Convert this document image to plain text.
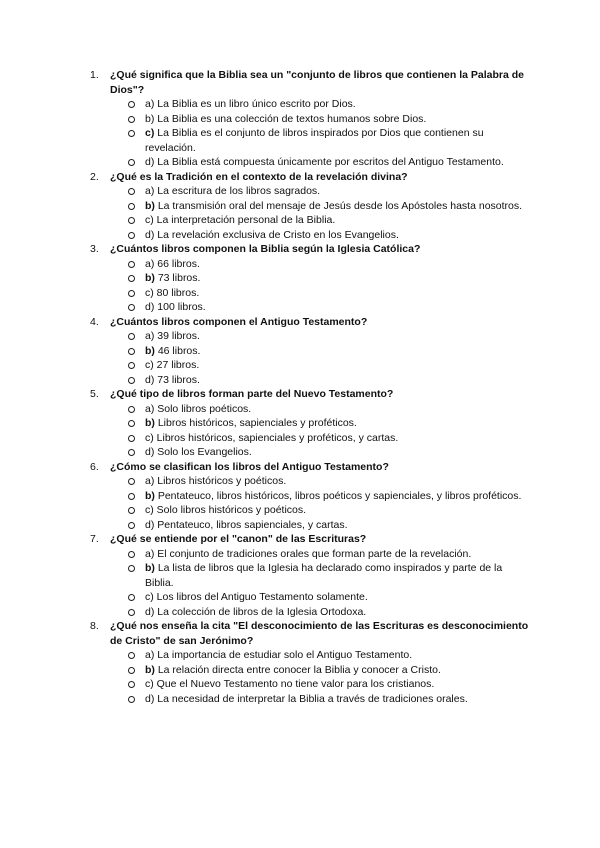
1. ¿Qué significa que la Biblia sea un "conjunto de libros que contienen la Palabra de Dios"?
a) La Biblia es un libro único escrito por Dios.
b) La Biblia es una colección de textos humanos sobre Dios.
c) La Biblia es el conjunto de libros inspirados por Dios que contienen su revelación.
d) La Biblia está compuesta únicamente por escritos del Antiguo Testamento.
2. ¿Qué es la Tradición en el contexto de la revelación divina?
a) La escritura de los libros sagrados.
b) La transmisión oral del mensaje de Jesús desde los Apóstoles hasta nosotros.
c) La interpretación personal de la Biblia.
d) La revelación exclusiva de Cristo en los Evangelios.
3. ¿Cuántos libros componen la Biblia según la Iglesia Católica?
a) 66 libros.
b) 73 libros.
c) 80 libros.
d) 100 libros.
4. ¿Cuántos libros componen el Antiguo Testamento?
a) 39 libros.
b) 46 libros.
c) 27 libros.
d) 73 libros.
5. ¿Qué tipo de libros forman parte del Nuevo Testamento?
a) Solo libros poéticos.
b) Libros históricos, sapienciales y proféticos.
c) Libros históricos, sapienciales y proféticos, y cartas.
d) Solo los Evangelios.
6. ¿Cómo se clasifican los libros del Antiguo Testamento?
a) Libros históricos y poéticos.
b) Pentateuco, libros históricos, libros poéticos y sapienciales, y libros proféticos.
c) Solo libros históricos y poéticos.
d) Pentateuco, libros sapienciales, y cartas.
7. ¿Qué se entiende por el "canon" de las Escrituras?
a) El conjunto de tradiciones orales que forman parte de la revelación.
b) La lista de libros que la Iglesia ha declarado como inspirados y parte de la Biblia.
c) Los libros del Antiguo Testamento solamente.
d) La colección de libros de la Iglesia Ortodoxa.
8. ¿Qué nos enseña la cita "El desconocimiento de las Escrituras es desconocimiento de Cristo" de san Jerónimo?
a) La importancia de estudiar solo el Antiguo Testamento.
b) La relación directa entre conocer la Biblia y conocer a Cristo.
c) Que el Nuevo Testamento no tiene valor para los cristianos.
d) La necesidad de interpretar la Biblia a través de tradiciones orales.
